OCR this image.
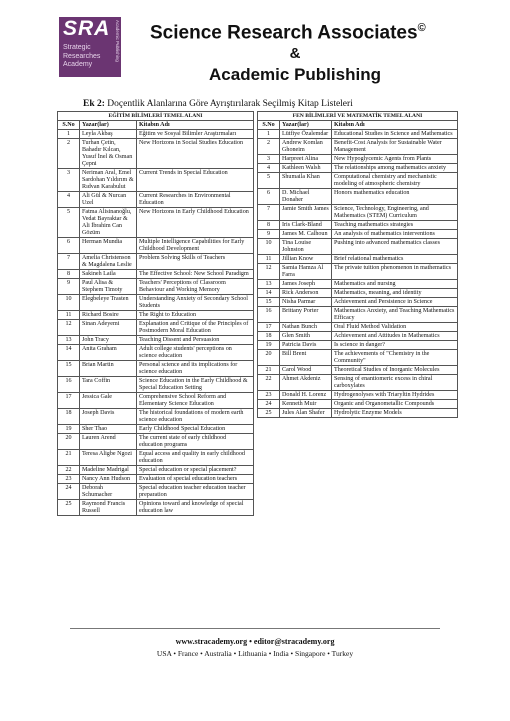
SRA
Strategic
Researches
Academy
Academic Publishing Science Research Associates©
&
Academic Publishing
Ek 2: Doçentlik Alanlarına Göre Ayrıştırılarak Seçilmiş Kitap Listeleri
EĞİTİM BİLİMLERİ TEMEL ALANI		
S.No	Yazar(lar)	Kitabın Adı
1	Leyla Akbaş	Eğitim ve Sosyal Bilimler Araştırmaları
2	Turhan Çetin, Bahadır Kılcan, Yusuf İnel & Osman Çepni	New Horizons in Social Studies Education
3	Neriman Aral, Emel Sardohan Yıldırım & Rıdvan Karabulut	Current Trends in Special Education
4	Ali Gül & Nurcan Uzel	Current Researches in Environmental Education
5	Fatma Alisinanoğlu, Vedat Bayraktar & Ali İbrahim Can Gözüm	New Horizons in Early Childhood Education
6	Herman Mundia	Multiple Intelligence Capabilities for Early Childhood Development
7	Amelia Christenson & Magdalena Leslie	Problem Solving Skills of Teachers
8	Sakineh Laila	The Effective School: New School Paradigm
9	Paul Alisa & Stephem Timoty	Teachers' Perceptions of Classroom Behaviour and Working Memory
10	Elegbeleye Trasten	Understanding Anxiety of Secondary School Students
11	Richard Bosire	The Right to Education
12	Sinan Adeyemi	Explanation and Critique of the Principles of Postmodern Moral Education
13	John Tracy	Teaching Dissent and Persuasion
14	Anita Graham	Adult college students' perceptions on science education
15	Brian Martin	Personal science and its implications for science education
16	Tara Coffin	Science Education in the Early Childhood & Special Education Setting
17	Jessica Gale	Comprehensive School Reform and Elementary Science Education
18	Joseph Davis	The historical foundations of modern earth science education
19	Sher Thao	Early Childhood Special Education
20	Lauren Arend	The current state of early childhood education programs
21	Teresa Aligbe Ngozi	Equal access and quality in early childhood education
22	Madeline Madrigal	Special education or special placement?
23	Nancy Ann Hudson	Evaluation of special education teachers
24	Deborah Schumacher	Special education teacher education teacher preparation
25	Raymond Francis Russell	Opinions toward and knowledge of special education law
FEN BİLİMLERİ VE MATEMATİK TEMEL ALANI		
S.No	Yazar(lar)	Kitabın Adı
1	Lütfiye Özalemdar	Educational Studies in Science and Mathematics
2	Andrew Komlan Ghoneim	Benefit-Cost Analysis for Sustainable Water Management
3	Harpreet Alina	New Hypoglycemic Agents from Plants
4	Kathleen Walsh	The relationships among mathematics anxiety
5	Shumaila Khan	Computational chemistry and mechanistic modeling of atmospheric chemistry
6	D. Michael Donaher	Honors mathematics education
7	Jamie Smith James	Science, Technology, Engineering, and Mathematics (STEM) Curriculum
8	Iris Clark-Bland	Teaching mathematics strategies
9	James M. Calhoun	An analysis of mathematics interventions
10	Tina Louise Johnston	Pushing into advanced mathematics classes
11	Jillian Know	Brief relational mathematics
12	Samia Hamza Al Farra	The private tuition phenomenon in mathematics
13	James Joseph	Mathematics and nursing
14	Rick Anderson	Mathematics, meaning, and identity
15	Nisha Parmar	Achievement and Persistence in Science
16	Brittany Porter	Mathematics Anxiety, and Teaching Mathematics Efficacy
17	Nathan Bunch	Oral Fluid Method Validation
18	Glen Smith	Achievement and Attitudes in Mathematics
19	Patricia Davis	Is science in danger?
20	Bill Brent	The achievements of "Chemistry in the Community"
21	Carol Wood	Theoretical Studies of Inorganic Molecules
22	Ahmet Akdeniz	Sensing of enantiomeric excess in chiral carboxylates
23	Donald H. Lorenz	Hydrogenolyses with Triaryltin Hydrides
24	Kenneth Muir	Organic and Organometallic Compounds
25	Jules Alan Shafer	Hydrolytic Enzyme Models
www.stracademy.org • editor@stracademy.org
USA • France • Australia • Lithuania • India • Singapore • Turkey
